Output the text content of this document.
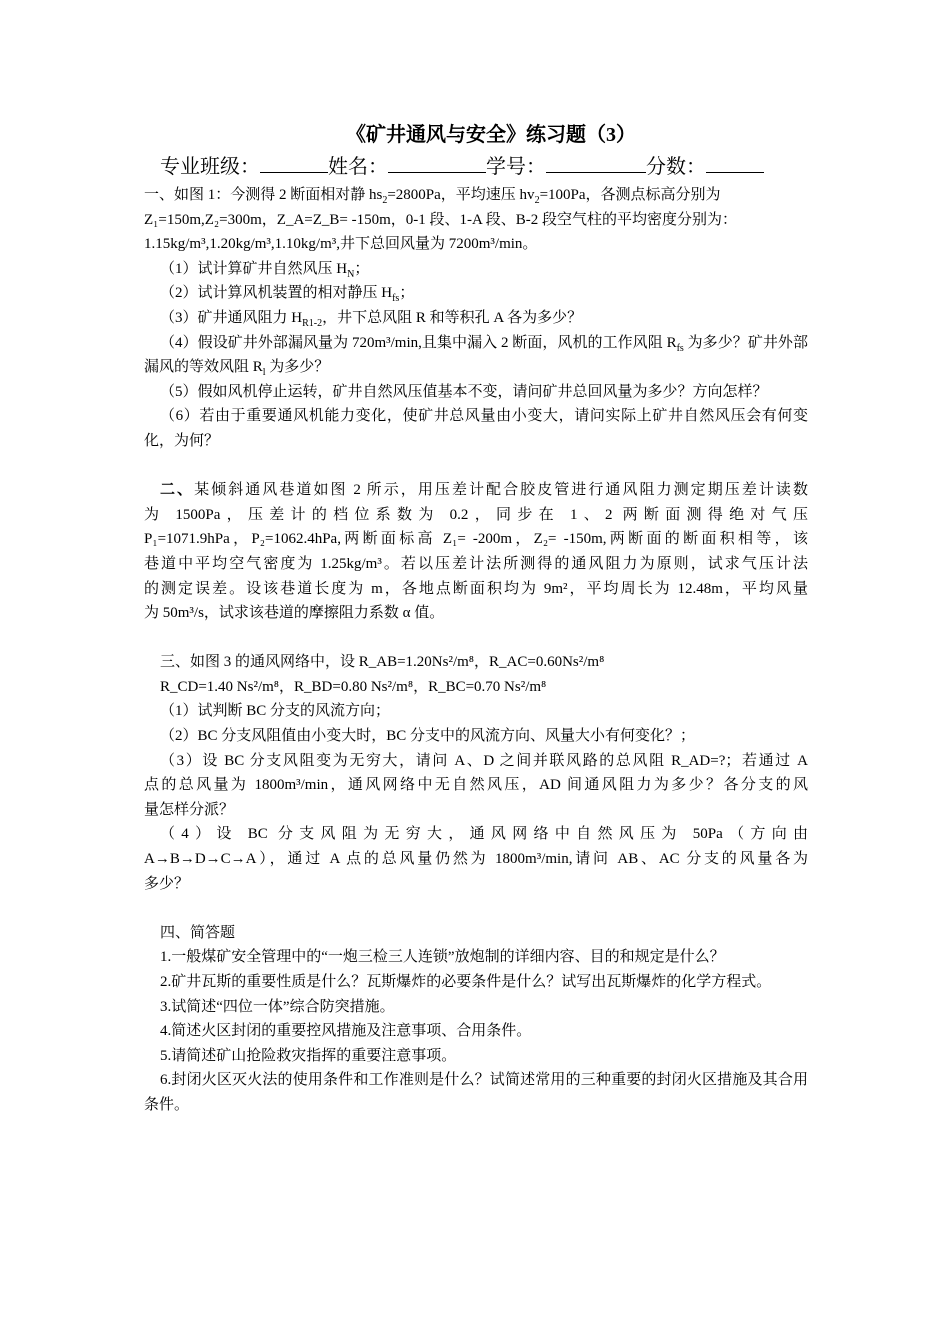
《矿井通风与安全》练习题（3）
专业班级：	姓名：	学号：	分数：

一、如图 1：今测得 2 断面相对静 $hs_2=2800Pa$，平均速压 $hv_2=100Pa$，各测点标高分别为

Z₁=150m,Z₂=300m，Z_A=Z_B= -150m，0-1 段、1-A 段、B-2 段空气柱的平均密度分别为：

1.15kg/m³,1.20kg/m³,1.10kg/m³,井下总回风量为 7200m³/min。

（1）试计算矿井自然风压 $H_N$；

（2）试计算风机装置的相对静压 $H_{fs}$；

（3）矿井通风阻力 $H_{R1-2}$，井下总风阻 R 和等积孔 A 各为多少？

（4）假设矿井外部漏风量为 720m³/min,且集中漏入 2 断面，风机的工作风阻 $R_{fs}$ 为多少？矿井外部漏风的等效风阻 $R_l$ 为多少？

（5）假如风机停止运转，矿井自然风压值基本不变，请问矿井总回风量为多少？方向怎样？

（6）若由于重要通风机能力变化，使矿井总风量由小变大，请问实际上矿井自然风压会有何变化，为何？

二、某倾斜通风巷道如图 2 所示，用压差计配合胶皮管进行通风阻力测定期压差计读数

为 1500Pa，压差计的档位系数为 0.2，同步在 1、2 两断面测得绝对气压

P₁=1071.9hPa，P₂=1062.4hPa,两断面标高 Z₁= -200m，Z₂= -150m,两断面的断面积相等，该

巷道中平均空气密度为 1.25kg/m³。若以压差计法所测得的通风阻力为原则，试求气压计法

的测定误差。设该巷道长度为 m，各地点断面积均为 9m²，平均周长为 12.48m，平均风量

为 50m³/s，试求该巷道的摩擦阻力系数 α 值。

三、如图 3 的通风网络中，设 R_AB=1.20Ns²/m⁸，R_AC=0.60Ns²/m⁸

R_CD=1.40 Ns²/m⁸，R_BD=0.80 Ns²/m⁸，R_BC=0.70 Ns²/m⁸

（1）试判断 BC 分支的风流方向；

（2）BC 分支风阻值由小变大时，BC 分支中的风流方向、风量大小有何变化？；

（3）设 BC 分支风阻变为无穷大，请问 A、D 之间并联风路的总风阻 R_AD=?；若通过 A

点的总风量为 1800m³/min，通风网络中无自然风压，AD 间通风阻力为多少？各分支的风

量怎样分派？

（4）设 BC 分支风阻为无穷大，通风网络中自然风压为 50Pa（方向由

A→B→D→C→A），通过 A 点的总风量仍然为 1800m³/min,请问 AB、AC 分支的风量各为

多少？

四、简答题

1.一般煤矿安全管理中的“一炮三检三人连锁”放炮制的详细内容、目的和规定是什么？

2.矿井瓦斯的重要性质是什么？瓦斯爆炸的必要条件是什么？试写出瓦斯爆炸的化学方程式。

3.试简述“四位一体”综合防突措施。

4.简述火区封闭的重要控风措施及注意事项、合用条件。

5.请简述矿山抢险救灾指挥的重要注意事项。

6.封闭火区灭火法的使用条件和工作准则是什么？试简述常用的三种重要的封闭火区措施及其合用条件。
